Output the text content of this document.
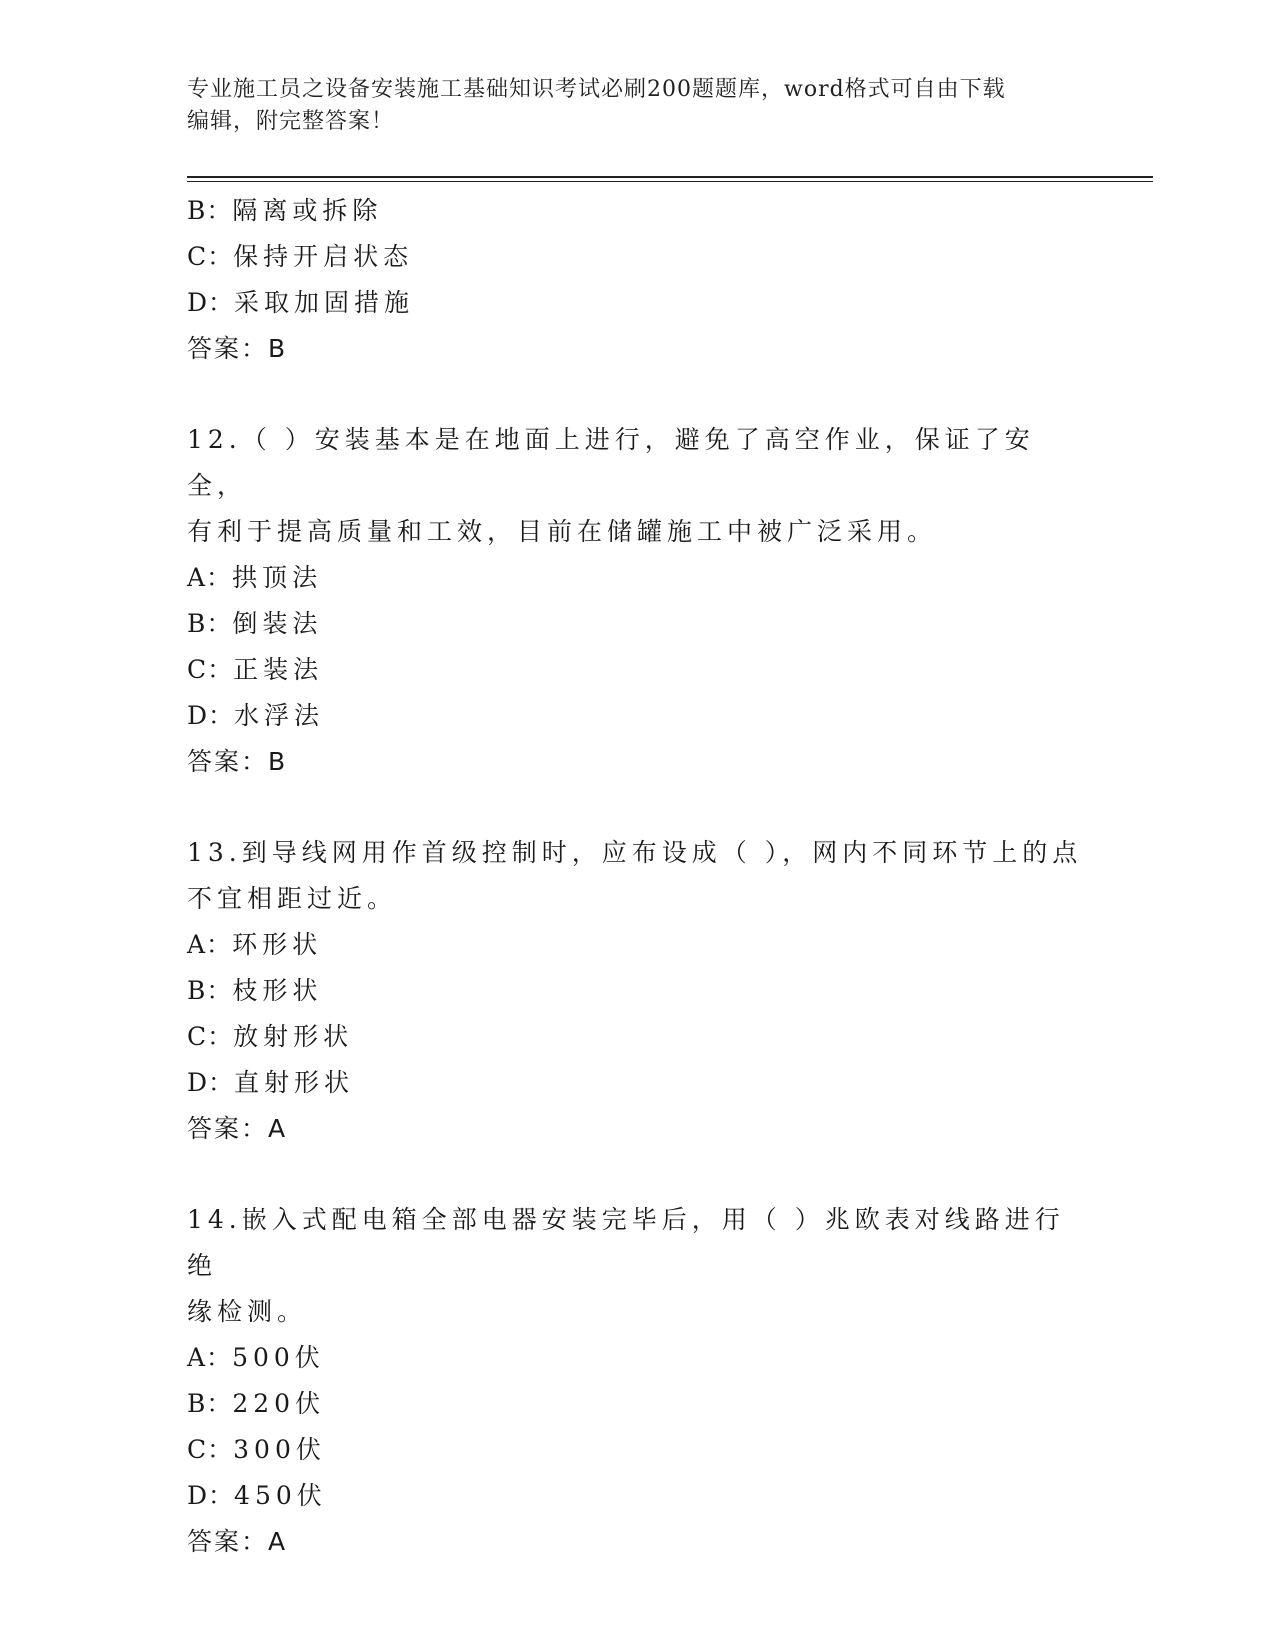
专业施工员之设备安装施工基础知识考试必刷200题题库，word格式可自由下载
编辑，附完整答案！
B：隔离或拆除
C：保持开启状态
D：采取加固措施
答案：B
12.（ ）安装基本是在地面上进行，避免了高空作业，保证了安全，
有利于提高质量和工效，目前在储罐施工中被广泛采用。
A：拱顶法
B：倒装法
C：正装法
D：水浮法
答案：B
13.到导线网用作首级控制时，应布设成（ ），网内不同环节上的点
不宜相距过近。
A：环形状
B：枝形状
C：放射形状
D：直射形状
答案：A
14.嵌入式配电箱全部电器安装完毕后，用（ ）兆欧表对线路进行绝
缘检测。
A：500伏
B：220伏
C：300伏
D：450伏
答案：A
